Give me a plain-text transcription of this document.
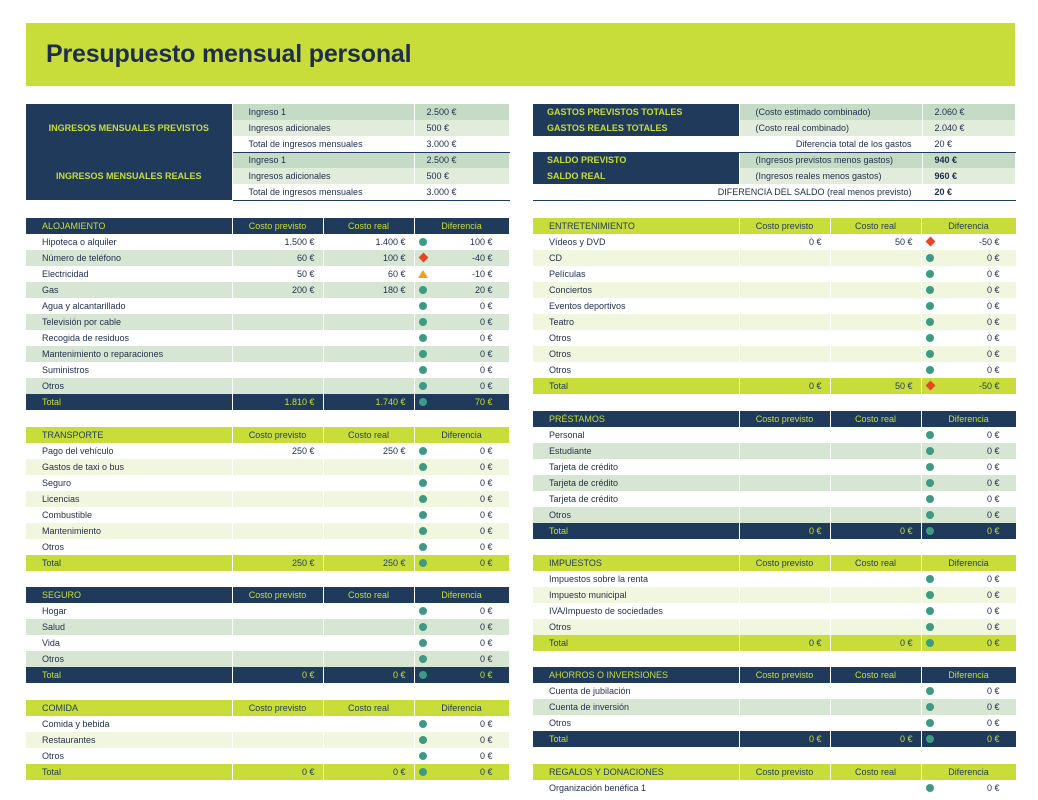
Presupuesto mensual personal
INGRESOS MENSUALES PREVISTOS	Ingreso 1	2.500 €
	Ingresos adicionales	500 €
	Total de ingresos mensuales	3.000 €
INGRESOS MENSUALES REALES	Ingreso 1	2.500 €
	Ingresos adicionales	500 €
	Total de ingresos mensuales	3.000 €
GASTOS PREVISTOS TOTALES	(Costo estimado combinado)	2.060 €
GASTOS REALES TOTALES	(Costo real combinado)	2.040 €
Diferencia total de los gastos		20 €
SALDO PREVISTO	(Ingresos previstos menos gastos)	940 €
SALDO REAL	(Ingresos reales menos gastos)	960 €
DIFERENCIA DEL SALDO (real menos previsto)		20 €
ALOJAMIENTO	Costo previsto	Costo real	Diferencia
Hipoteca o alquiler	1.500 €	1.400 €	100 €

Número de teléfono	60 €	100 €	-40 €

Electricidad	50 €	60 €	-10 €

Gas	200 €	180 €	20 €

Agua y alcantarillado			0 €

Televisión por cable			0 €

Recogida de residuos			0 €

Mantenimiento o reparaciones			0 €

Suministros			0 €

Otros			0 €

Total	1.810 €	1.740 €	70 €
TRANSPORTE	Costo previsto	Costo real	Diferencia
Pago del vehículo	250 €	250 €	0 €

Gastos de taxi o bus			0 €

Seguro			0 €

Licencias			0 €

Combustible			0 €

Mantenimiento			0 €

Otros			0 €

Total	250 €	250 €	0 €
SEGURO	Costo previsto	Costo real	Diferencia
Hogar			0 €

Salud			0 €

Vida			0 €

Otros			0 €

Total	0 €	0 €	0 €
COMIDA	Costo previsto	Costo real	Diferencia
Comida y bebida			0 €

Restaurantes			0 €

Otros			0 €

Total	0 €	0 €	0 €
ENTRETENIMIENTO	Costo previsto	Costo real	Diferencia
Vídeos y DVD	0 €	50 €	-50 €

CD			0 €

Películas			0 €

Conciertos			0 €

Eventos deportivos			0 €

Teatro			0 €

Otros			0 €

Otros			0 €

Otros			0 €

Total	0 €	50 €	-50 €
PRÉSTAMOS	Costo previsto	Costo real	Diferencia
Personal			0 €

Estudiante			0 €

Tarjeta de crédito			0 €

Tarjeta de crédito			0 €

Tarjeta de crédito			0 €

Otros			0 €

Total	0 €	0 €	0 €
IMPUESTOS	Costo previsto	Costo real	Diferencia
Impuestos sobre la renta			0 €

Impuesto municipal			0 €

IVA/Impuesto de sociedades			0 €

Otros			0 €

Total	0 €	0 €	0 €
AHORROS O INVERSIONES	Costo previsto	Costo real	Diferencia
Cuenta de jubilación			0 €

Cuenta de inversión			0 €

Otros			0 €

Total	0 €	0 €	0 €
REGALOS Y DONACIONES	Costo previsto	Costo real	Diferencia
Organización benéfica 1			0 €
